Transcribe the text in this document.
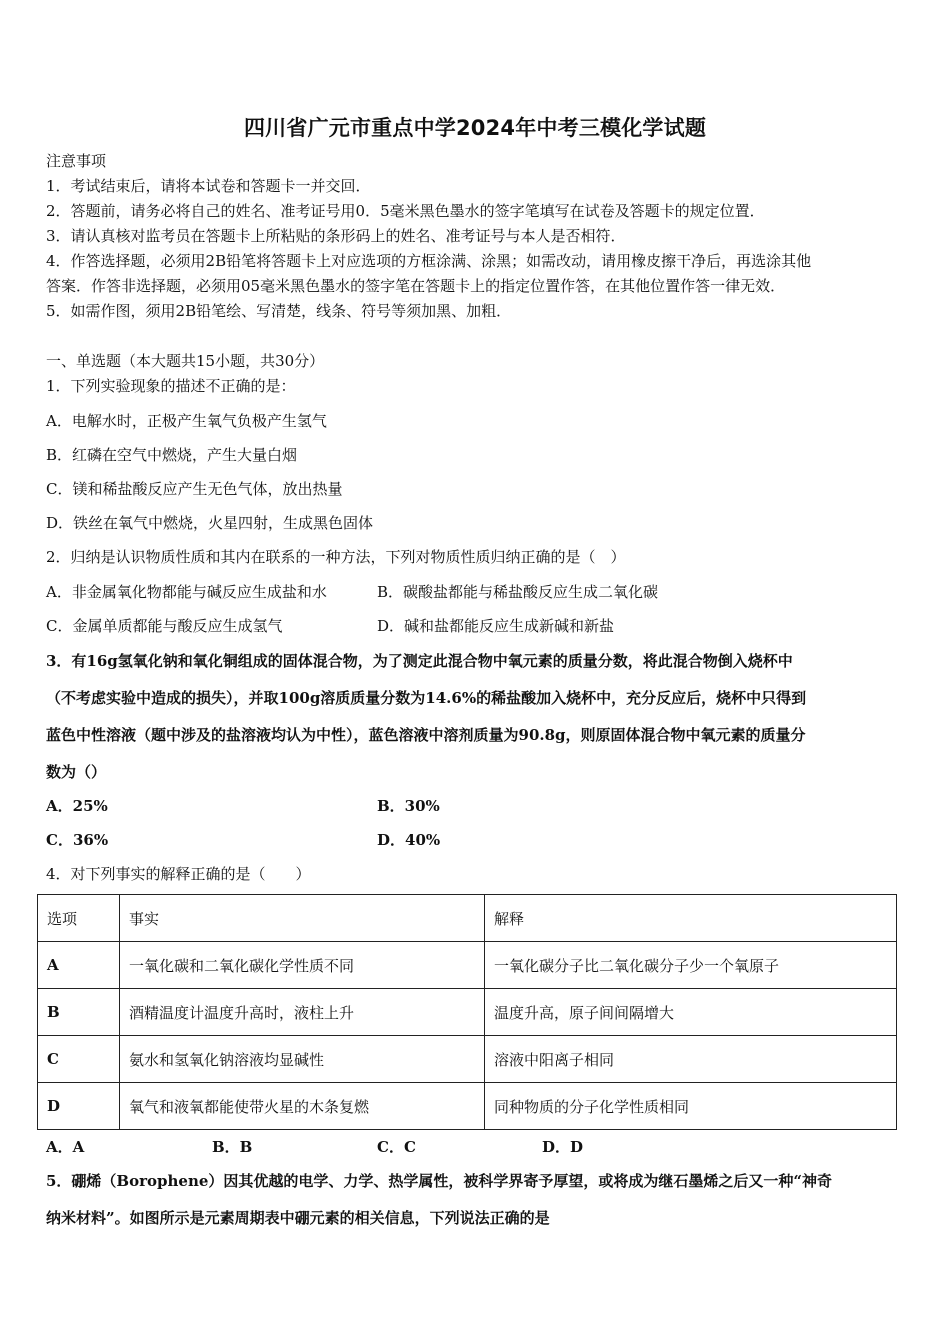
四川省广元市重点中学2024年中考三模化学试题
注意事项
1．考试结束后，请将本试卷和答题卡一并交回．
2．答题前，请务必将自己的姓名、准考证号用0．5毫米黑色墨水的签字笔填写在试卷及答题卡的规定位置．
3．请认真核对监考员在答题卡上所粘贴的条形码上的姓名、准考证号与本人是否相符．
4．作答选择题，必须用2B铅笔将答题卡上对应选项的方框涂满、涂黑；如需改动，请用橡皮擦干净后，再选涂其他
答案．作答非选择题，必须用05毫米黑色墨水的签字笔在答题卡上的指定位置作答，在其他位置作答一律无效．
5．如需作图，须用2B铅笔绘、写清楚，线条、符号等须加黑、加粗．
一、单选题（本大题共15小题，共30分）
1．下列实验现象的描述不正确的是：
A．电解水时，正极产生氧气负极产生氢气
B．红磷在空气中燃烧，产生大量白烟
C．镁和稀盐酸反应产生无色气体，放出热量
D．铁丝在氧气中燃烧，火星四射，生成黑色固体
2．归纳是认识物质性质和其内在联系的一种方法，下列对物质性质归纳正确的是（　）
A．非金属氧化物都能与碱反应生成盐和水	B．碳酸盐都能与稀盐酸反应生成二氧化碳
C．金属单质都能与酸反应生成氢气	D．碱和盐都能反应生成新碱和新盐
3．有16g氢氧化钠和氧化铜组成的固体混合物，为了测定此混合物中氧元素的质量分数，将此混合物倒入烧杯中
（不考虑实验中造成的损失），并取100g溶质质量分数为14.6%的稀盐酸加入烧杯中，充分反应后，烧杯中只得到
蓝色中性溶液（题中涉及的盐溶液均认为中性），蓝色溶液中溶剂质量为90.8g，则原固体混合物中氧元素的质量分
数为（）
A．25%	B．30%
C．36%	D．40%
4．对下列事实的解释正确的是（　　）
选项	事实	解释
A	一氧化碳和二氧化碳化学性质不同	一氧化碳分子比二氧化碳分子少一个氧原子
B	酒精温度计温度升高时，液柱上升	温度升高，原子间间隔增大
C	氨水和氢氧化钠溶液均显碱性	溶液中阳离子相同
D	氧气和液氧都能使带火星的木条复燃	同种物质的分子化学性质相同
A．A	B．B	C．C	D．D
5．硼烯（Borophene）因其优越的电学、力学、热学属性，被科学界寄予厚望，或将成为继石墨烯之后又一种“神奇
纳米材料”。如图所示是元素周期表中硼元素的相关信息，下列说法正确的是
